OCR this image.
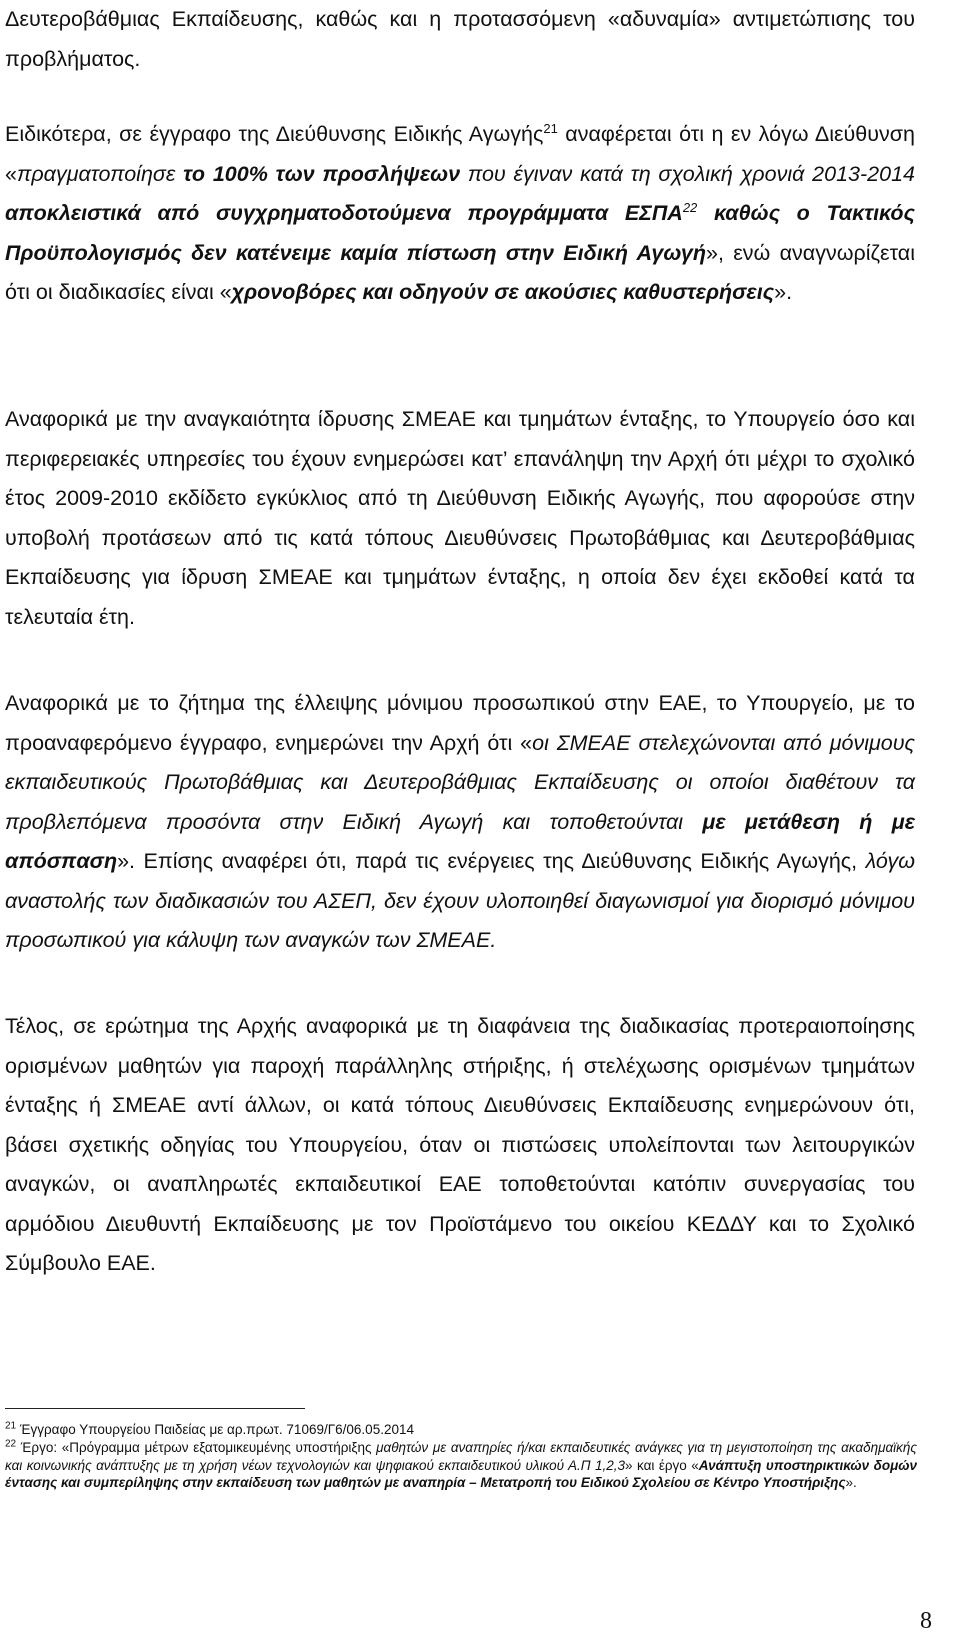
Δευτεροβάθμιας Εκπαίδευσης, καθώς και η προτασσόμενη «αδυναμία» αντιμετώπισης του προβλήματος.

Ειδικότερα, σε έγγραφο της Διεύθυνσης Ειδικής Αγωγής$^{21}$ αναφέρεται ότι η εν λόγω Διεύθυνση «πραγματοποίησε το 100% των προσλήψεων που έγιναν κατά τη σχολική χρονιά 2013-2014 αποκλειστικά από συγχρηματοδοτούμενα προγράμματα ΕΣΠΑ$^{22}$ καθώς ο Τακτικός Προϋπολογισμός δεν κατένειμε καμία πίστωση στην Ειδική Αγωγή», ενώ αναγνωρίζεται ότι οι διαδικασίες είναι «χρονοβόρες και οδηγούν σε ακούσιες καθυστερήσεις».

Αναφορικά με την αναγκαιότητα ίδρυσης ΣΜΕΑΕ και τμημάτων ένταξης, το Υπουργείο όσο και περιφερειακές υπηρεσίες του έχουν ενημερώσει κατ’ επανάληψη την Αρχή ότι μέχρι το σχολικό έτος 2009-2010 εκδίδετο εγκύκλιος από τη Διεύθυνση Ειδικής Αγωγής, που αφορούσε στην υποβολή προτάσεων από τις κατά τόπους Διευθύνσεις Πρωτοβάθμιας και Δευτεροβάθμιας Εκπαίδευσης για ίδρυση ΣΜΕΑΕ και τμημάτων ένταξης, η οποία δεν έχει εκδοθεί κατά τα τελευταία έτη.

Αναφορικά με το ζήτημα της έλλειψης μόνιμου προσωπικού στην ΕΑΕ, το Υπουργείο, με το προαναφερόμενο έγγραφο, ενημερώνει την Αρχή ότι «οι ΣΜΕΑΕ στελεχώνονται από μόνιμους εκπαιδευτικούς Πρωτοβάθμιας και Δευτεροβάθμιας Εκπαίδευσης οι οποίοι διαθέτουν τα προβλεπόμενα προσόντα στην Ειδική Αγωγή και τοποθετούνται με μετάθεση ή με απόσπαση». Επίσης αναφέρει ότι, παρά τις ενέργειες της Διεύθυνσης Ειδικής Αγωγής, λόγω αναστολής των διαδικασιών του ΑΣΕΠ, δεν έχουν υλοποιηθεί διαγωνισμοί για διορισμό μόνιμου προσωπικού για κάλυψη των αναγκών των ΣΜΕΑΕ.

Τέλος, σε ερώτημα της Αρχής αναφορικά με τη διαφάνεια της διαδικασίας προτεραιοποίησης ορισμένων μαθητών για παροχή παράλληλης στήριξης, ή στελέχωσης ορισμένων τμημάτων ένταξης ή ΣΜΕΑΕ αντί άλλων, οι κατά τόπους Διευθύνσεις Εκπαίδευσης ενημερώνουν ότι, βάσει σχετικής οδηγίας του Υπουργείου, όταν οι πιστώσεις υπολείπονται των λειτουργικών αναγκών, οι αναπληρωτές εκπαιδευτικοί ΕΑΕ τοποθετούνται κατόπιν συνεργασίας του αρμόδιου Διευθυντή Εκπαίδευσης με τον Προϊστάμενο του οικείου ΚΕΔΔΥ και το Σχολικό Σύμβουλο ΕΑΕ.

$^{21}$ Έγγραφο Υπουργείου Παιδείας με αρ.πρωτ. 71069/Γ6/06.05.2014

$^{22}$ Έργο: «Πρόγραμμα μέτρων εξατομικευμένης υποστήριξης μαθητών με αναπηρίες ή/και εκπαιδευτικές ανάγκες για τη μεγιστοποίηση της ακαδημαϊκής και κοινωνικής ανάπτυξης με τη χρήση νέων τεχνολογιών και ψηφιακού εκπαιδευτικού υλικού Α.Π 1,2,3» και έργο «Ανάπτυξη υποστηρικτικών δομών έντασης και συμπερίληψης στην εκπαίδευση των μαθητών με αναπηρία – Μετατροπή του Ειδικού Σχολείου σε Κέντρο Υποστήριξης».

8
